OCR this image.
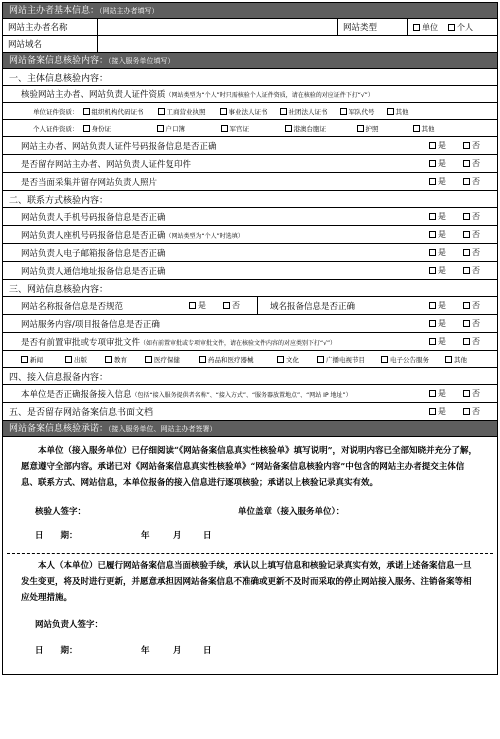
网站主办者基本信息：（网站主办者填写）
网站主办者名称	网站类型	单位 个人
网站域名
网站备案信息核验内容：（接入服务单位填写）
一、主体信息核验内容：
核验网站主办者、网站负责人证件资质 （网站类型为“个人”时只需核验个人证件资质，请在核验的对应证件下打“√”）
单位证件资质： 组织机构代码证书	工商营业执照	事业法人证书	社团法人证书	军队代号	其他
个人证件资质： 身份证	户口簿	军官证	港澳台胞证	护照	其他
网站主办者、网站负责人证件号码报备信息是否正确	是	否
是否留存网站主办者、网站负责人证件复印件	是	否
是否当面采集并留存网站负责人照片	是	否
二、联系方式核验内容：
网站负责人手机号码报备信息是否正确	是	否
网站负责人座机号码报备信息是否正确（网站类型为“个人”时选填）	是	否
网站负责人电子邮箱报备信息是否正确	是	否
网站负责人通信地址报备信息是否正确	是	否
三、网站信息核验内容：
网站名称报备信息是否规范	是	否	域名报备信息是否正确	是	否
网站服务内容/项目报备信息是否正确	是	否
是否有前置审批或专项审批文件（如有前置审批或专项审批文件，请在核验文件内容的对应类别下打“√”）	是	否
新闻	出版	教育	医疗保健	药品和医疗器械	文化	广播电视节目	电子公告服务	其他
四、接入信息报备内容：
本单位是否正确报备接入信息（包括“接入服务提供者名称”、“接入方式”、“服务器放置地点”、“网站 IP 地址”）	是	否
五、是否留存网站备案信息书面文档	是	否
网站备案信息核验承诺：（接入服务单位、网站主办者签署）
本单位（接入服务单位）已仔细阅读“《网站备案信息真实性核验单》填写说明”，对说明内容已全部知晓并充分了解，愿意遵守全部内容。承诺已对《网站备案信息真实性核验单》“网站备案信息核验内容”中包含的网站主办者提交主体信息、联系方式、网站信息，本单位报备的接入信息进行逐项核验；承诺以上核验记录真实有效。
核验人签字：	单位盖章（接入服务单位）：
日　　期：	年	月	日
本人（本单位）已履行网站备案信息当面核验手续，承认以上填写信息和核验记录真实有效，承诺上述备案信息一旦发生变更，将及时进行更新，并愿意承担因网站备案信息不准确或更新不及时而采取的停止网站接入服务、注销备案等相应处理措施。
网站负责人签字：
日　　期：	年	月	日
